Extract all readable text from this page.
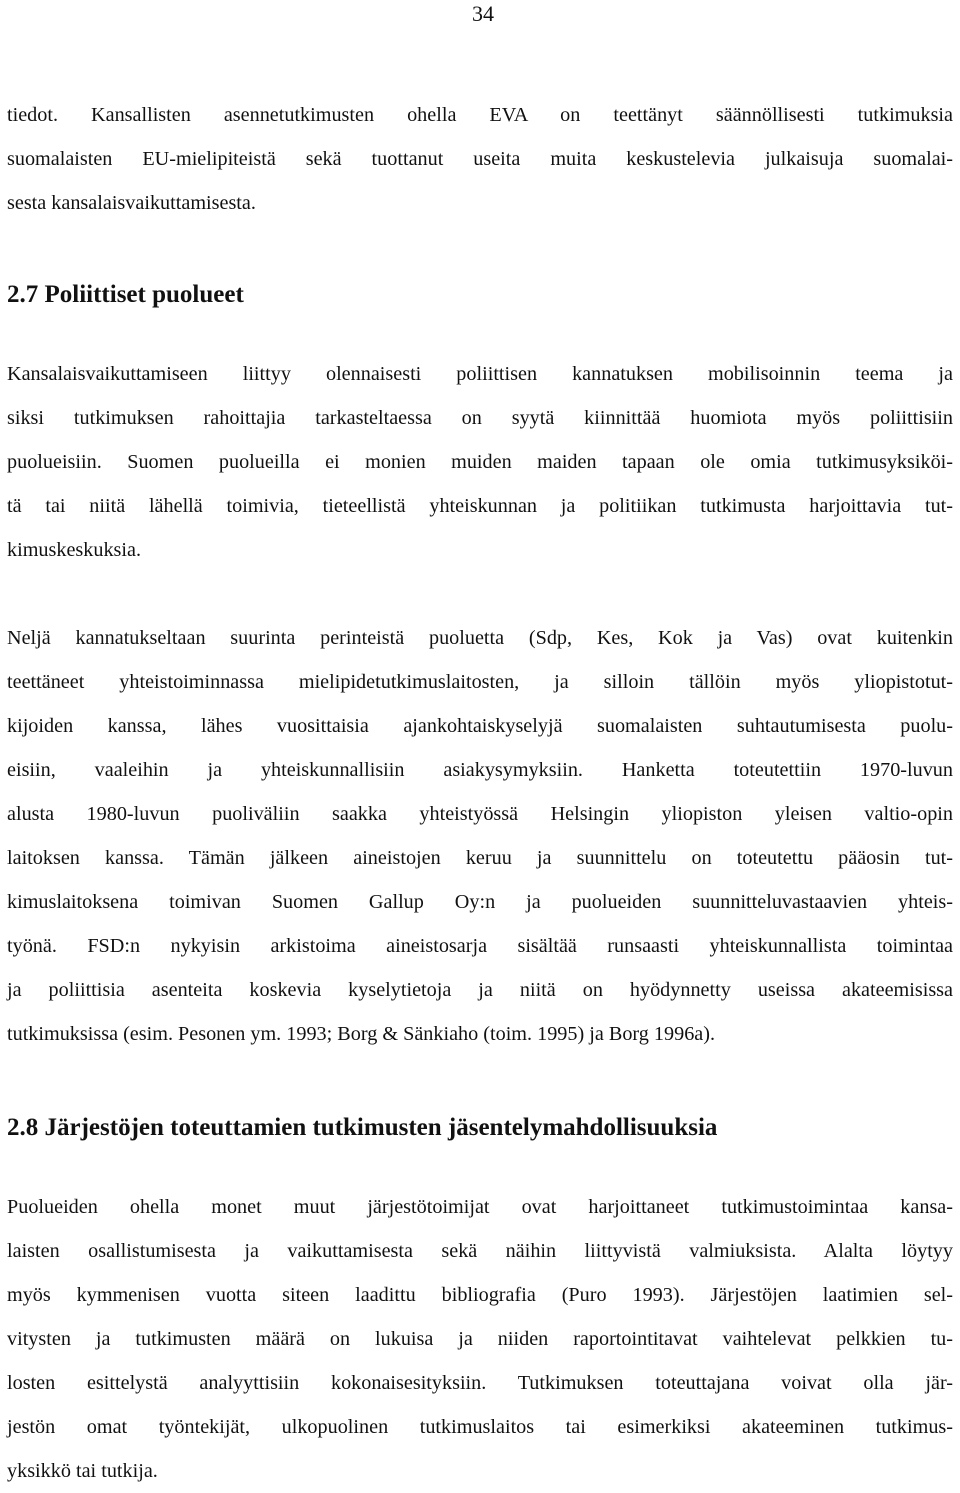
34
tiedot. Kansallisten asennetutkimusten ohella EVA on teettänyt säännöllisesti tutkimuksia
suomalaisten EU-mielipiteistä sekä tuottanut useita muita keskustelevia julkaisuja suomalai-
sesta kansalaisvaikuttamisesta.
2.7 Poliittiset puolueet
Kansalaisvaikuttamiseen liittyy olennaisesti poliittisen kannatuksen mobilisoinnin teema ja
siksi tutkimuksen rahoittajia tarkasteltaessa on syytä kiinnittää huomiota myös poliittisiin
puolueisiin. Suomen puolueilla ei monien muiden maiden tapaan ole omia tutkimusyksiköi-
tä tai niitä lähellä toimivia, tieteellistä yhteiskunnan ja politiikan tutkimusta harjoittavia tut-
kimuskeskuksia.
Neljä kannatukseltaan suurinta perinteistä puoluetta (Sdp, Kes, Kok ja Vas) ovat kuitenkin
teettäneet yhteistoiminnassa mielipidetutkimuslaitosten, ja silloin tällöin myös yliopistotut-
kijoiden kanssa, lähes vuosittaisia ajankohtaiskyselyjä suomalaisten suhtautumisesta puolu-
eisiin, vaaleihin ja yhteiskunnallisiin asiakysymyksiin. Hanketta toteutettiin 1970-luvun
alusta 1980-luvun puoliväliin saakka yhteistyössä Helsingin yliopiston yleisen valtio-opin
laitoksen kanssa. Tämän jälkeen aineistojen keruu ja suunnittelu on toteutettu pääosin tut-
kimuslaitoksena toimivan Suomen Gallup Oy:n ja puolueiden suunnitteluvastaavien yhteis-
työnä. FSD:n nykyisin arkistoima aineistosarja sisältää runsaasti yhteiskunnallista toimintaa
ja poliittisia asenteita koskevia kyselytietoja ja niitä on hyödynnetty useissa akateemisissa
tutkimuksissa (esim. Pesonen ym. 1993; Borg & Sänkiaho (toim. 1995) ja Borg 1996a).
2.8 Järjestöjen toteuttamien tutkimusten jäsentelymahdollisuuksia
Puolueiden ohella monet muut järjestötoimijat ovat harjoittaneet tutkimustoimintaa kansa-
laisten osallistumisesta ja vaikuttamisesta sekä näihin liittyvistä valmiuksista. Alalta löytyy
myös kymmenisen vuotta siteen laadittu bibliografia (Puro 1993). Järjestöjen laatimien sel-
vitysten ja tutkimusten määrä on lukuisa ja niiden raportointitavat vaihtelevat pelkkien tu-
losten esittelystä analyyttisiin kokonaisesityksiin. Tutkimuksen toteuttajana voivat olla jär-
jestön omat työntekijät, ulkopuolinen tutkimuslaitos tai esimerkiksi akateeminen tutkimus-
yksikkö tai tutkija.
